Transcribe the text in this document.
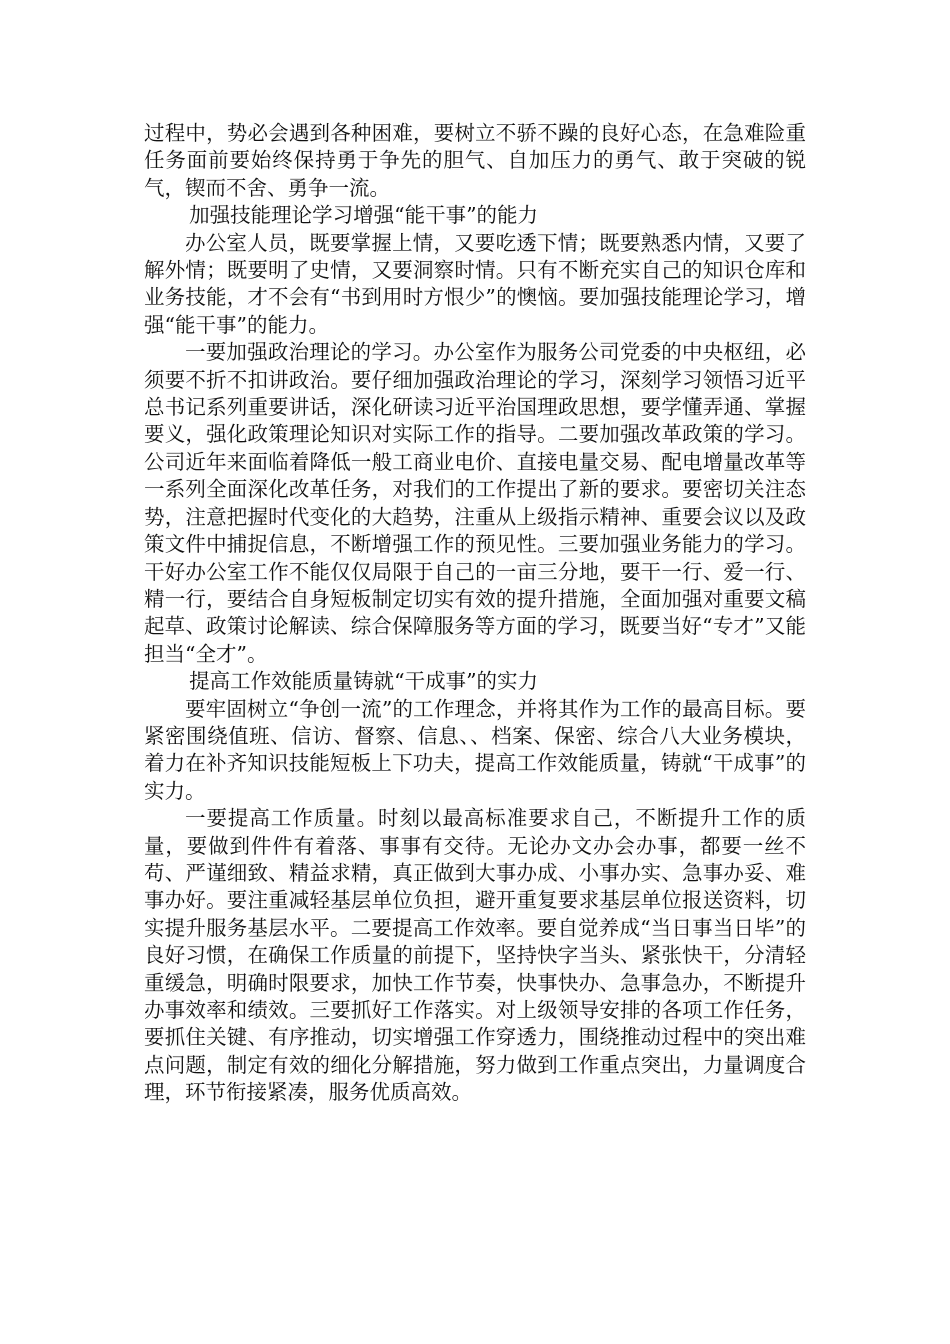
过程中，势必会遇到各种困难，要树立不骄不躁的良好心态，在急难险重任务面前要始终保持勇于争先的胆气、自加压力的勇气、敢于突破的锐气，锲而不舍、勇争一流。

加强技能理论学习增强“能干事”的能力

办公室人员，既要掌握上情，又要吃透下情；既要熟悉内情，又要了解外情；既要明了史情，又要洞察时情。只有不断充实自己的知识仓库和业务技能，才不会有“书到用时方恨少”的懊恼。要加强技能理论学习，增强“能干事”的能力。

一要加强政治理论的学习。办公室作为服务公司党委的中央枢纽，必须要不折不扣讲政治。要仔细加强政治理论的学习，深刻学习领悟习近平总书记系列重要讲话，深化研读习近平治国理政思想，要学懂弄通、掌握要义，强化政策理论知识对实际工作的指导。二要加强改革政策的学习。公司近年来面临着降低一般工商业电价、直接电量交易、配电增量改革等一系列全面深化改革任务，对我们的工作提出了新的要求。要密切关注态势，注意把握时代变化的大趋势，注重从上级指示精神、重要会议以及政策文件中捕捉信息，不断增强工作的预见性。三要加强业务能力的学习。干好办公室工作不能仅仅局限于自己的一亩三分地，要干一行、爱一行、精一行，要结合自身短板制定切实有效的提升措施，全面加强对重要文稿起草、政策讨论解读、综合保障服务等方面的学习，既要当好“专才”又能担当“全才”。

提高工作效能质量铸就“干成事”的实力

要牢固树立“争创一流”的工作理念，并将其作为工作的最高目标。要紧密围绕值班、信访、督察、信息、、档案、保密、综合八大业务模块，着力在补齐知识技能短板上下功夫，提高工作效能质量，铸就“干成事”的实力。

一要提高工作质量。时刻以最高标准要求自己，不断提升工作的质量，要做到件件有着落、事事有交待。无论办文办会办事，都要一丝不苟、严谨细致、精益求精，真正做到大事办成、小事办实、急事办妥、难事办好。要注重减轻基层单位负担，避开重复要求基层单位报送资料，切实提升服务基层水平。二要提高工作效率。要自觉养成“当日事当日毕”的良好习惯，在确保工作质量的前提下，坚持快字当头、紧张快干，分清轻重缓急，明确时限要求，加快工作节奏，快事快办、急事急办，不断提升办事效率和绩效。三要抓好工作落实。对上级领导安排的各项工作任务，要抓住关键、有序推动，切实增强工作穿透力，围绕推动过程中的突出难点问题，制定有效的细化分解措施，努力做到工作重点突出，力量调度合理，环节衔接紧凑，服务优质高效。
